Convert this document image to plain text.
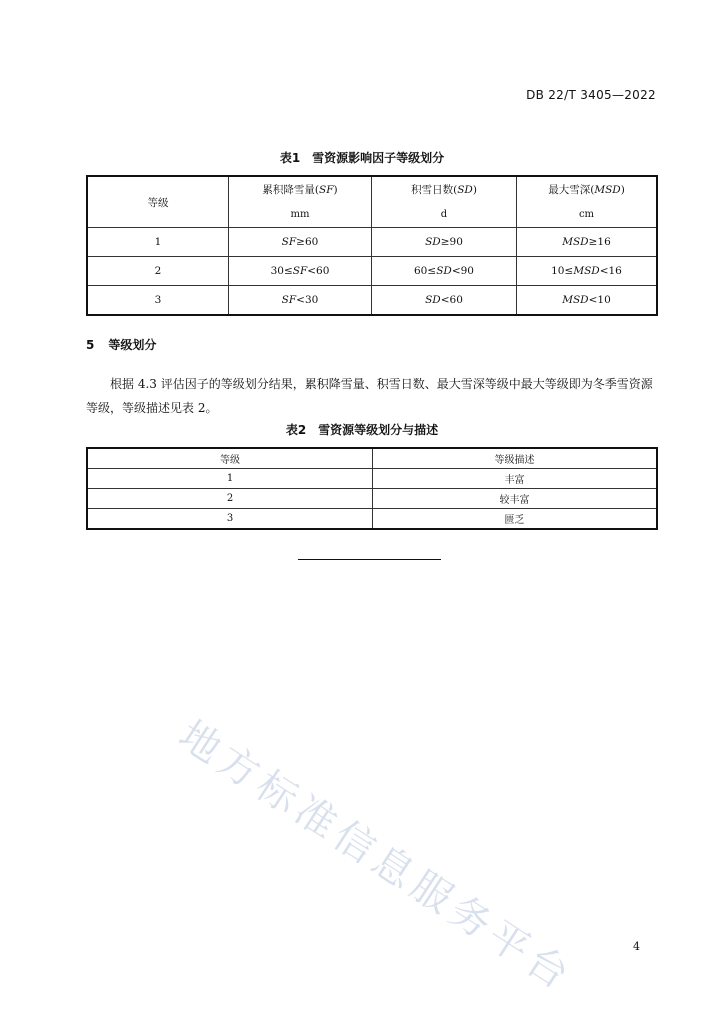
DB 22/T 3405—2022
表1 雪资源影响因子等级划分
等级	累积降雪量(SF)	积雪日数(SD)	最大雪深(MSD)
	mm	d	cm
1	SF≥60	SD≥90	MSD≥16
2	30≤SF<60	60≤SD<90	10≤MSD<16
3	SF<30	SD<60	MSD<10
5 等级划分

根据 4.3 评估因子的等级划分结果，累积降雪量、积雪日数、最大雪深等级中最大等级即为冬季雪资源等级，等级描述见表 2。

表2 雪资源等级划分与描述
等级	等级描述
1	丰富
2	较丰富
3	匮乏
地方标准信息服务平台	4
